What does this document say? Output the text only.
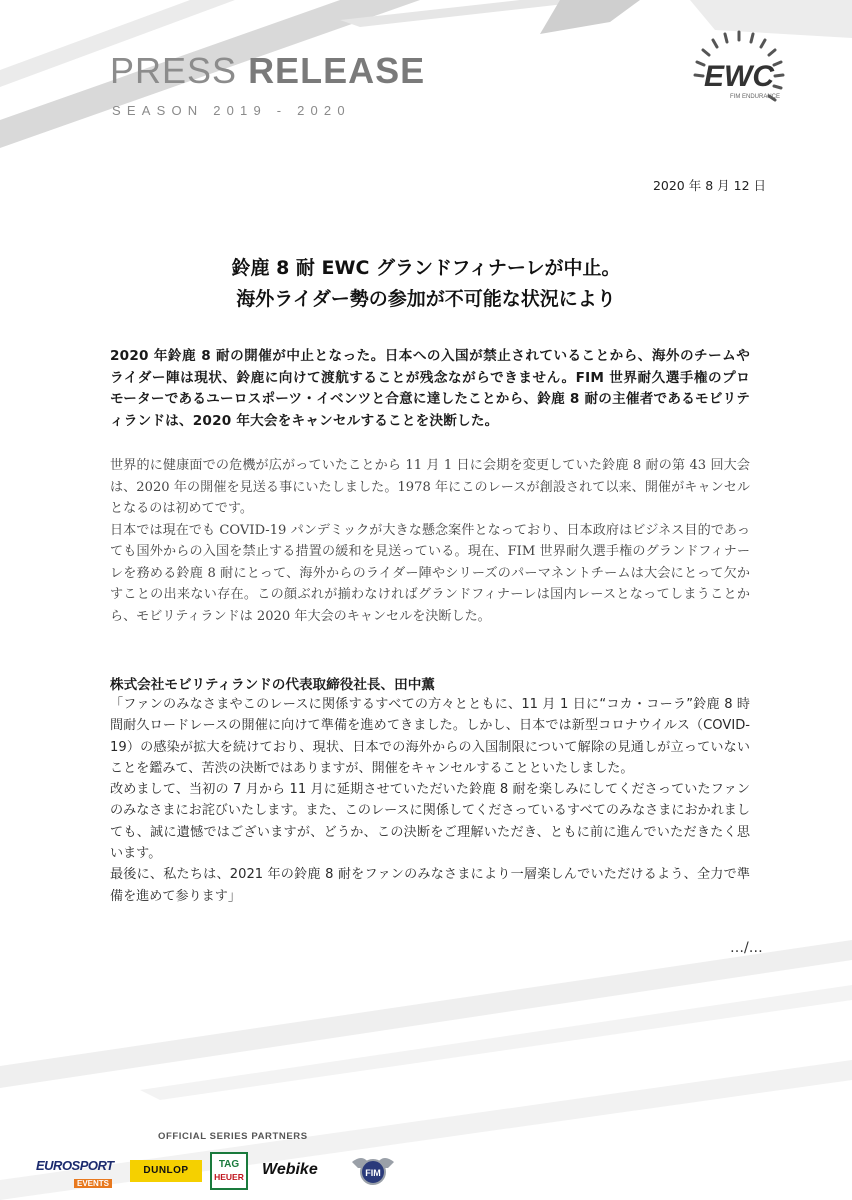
PRESS RELEASE
SEASON 2019 - 2020
EWC
FIM ENDURANCE
2020 年 8 月 12 日
鈴鹿 8 耐 EWC グランドフィナーレが中止。
海外ライダー勢の参加が不可能な状況により
2020 年鈴鹿 8 耐の開催が中止となった。日本への入国が禁止されていることから、海外のチームやライダー陣は現状、鈴鹿に向けて渡航することが残念ながらできません。FIM 世界耐久選手権のプロモーターであるユーロスポーツ・イベンツと合意に達したことから、鈴鹿 8 耐の主催者であるモビリティランドは、2020 年大会をキャンセルすることを決断した。

世界的に健康面での危機が広がっていたことから 11 月 1 日に会期を変更していた鈴鹿 8 耐の第 43 回大会は、2020 年の開催を見送る事にいたしました。1978 年にこのレースが創設されて以来、開催がキャンセルとなるのは初めてです。

日本では現在でも COVID-19 パンデミックが大きな懸念案件となっており、日本政府はビジネス目的であっても国外からの入国を禁止する措置の緩和を見送っている。現在、FIM 世界耐久選手権のグランドフィナーレを務める鈴鹿 8 耐にとって、海外からのライダー陣やシリーズのパーマネントチームは大会にとって欠かすことの出来ない存在。この顔ぶれが揃わなければグランドフィナーレは国内レースとなってしまうことから、モビリティランドは 2020 年大会のキャンセルを決断した。

株式会社モビリティランドの代表取締役社長、田中薫

「ファンのみなさまやこのレースに関係するすべての方々とともに、11 月 1 日に“コカ・コーラ”鈴鹿 8 時間耐久ロードレースの開催に向けて準備を進めてきました。しかし、日本では新型コロナウイルス（COVID-19）の感染が拡大を続けており、現状、日本での海外からの入国制限について解除の見通しが立っていないことを鑑みて、苦渋の決断ではありますが、開催をキャンセルすることといたしました。

改めまして、当初の 7 月から 11 月に延期させていただいた鈴鹿 8 耐を楽しみにしてくださっていたファンのみなさまにお詫びいたします。また、このレースに関係してくださっているすべてのみなさまにおかれましても、誠に遺憾ではございますが、どうか、この決断をご理解いただき、ともに前に進んでいただきたく思います。

最後に、私たちは、2021 年の鈴鹿 8 耐をファンのみなさまにより一層楽しんでいただけるよう、全力で準備を進めて参ります」

…/…
OFFICIAL SERIES PARTNERS
EUROSPORT
EVENTS
DUNLOP
TAG
HEUER Webike	FIM
